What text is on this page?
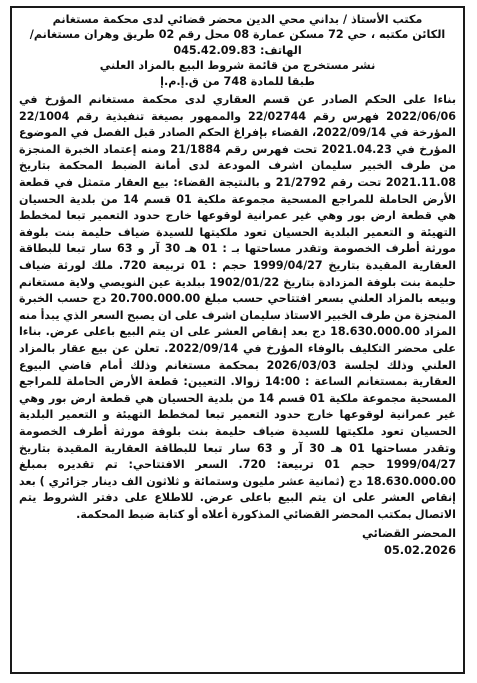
مكتب الأستاذ / بداني محي الدين محضر قضائي لدى محكمة مستغانم
الكائن مكتبه ، حي 72 مسكن عمارة 08 محل رقم 02 طريق وهران مستغانم/
الهاتف: 045.42.09.83
نشر مستخرج من قائمة شروط البيع بالمزاد العلني
طبقا للمادة 748 من ق.إ.م.إ
بناءا على الحكم الصادر عن قسم العقاري لدى محكمة مستغانم المؤرخ في 2022/06/06 فهرس رقم 22/02744 والممهور بصيغة تنفيذية رقم 22/1004 المؤرخة في 2022/09/14، القضاء بإفراغ الحكم الصادر قبل الفصل في الموضوع المؤرخ في 2021.04.23 تحت فهرس رقم 21/1884 ومنه إعتماد الخبرة المنجزة من طرف الخبير سليمان اشرف المودعة لدى أمانة الضبط المحكمة بتاريخ 2021.11.08 تحت رقم 21/2792 و بالنتيجة القضاء: بيع العقار متمثل في قطعة الأرض الحاملة للمراجع المسحية مجموعة ملكية 01 قسم 14 من بلدية الحسيان هي قطعة ارض بور وهي غير عمرانية لوقوعها خارج حدود التعمير تبعا لمخطط التهيئة و التعمير البلدية الحسيان تعود ملكيتها للسيدة ضياف حليمة بنت بلوفة مورثة أطرف الخصومة وتقدر مساحتها بـ : 01 هـ 30 آر و 63 سار تبعا للبطاقة العقارية المقيدة بتاريخ 1999/04/27 حجم : 01 تربيعة 720. ملك لورثة ضياف حليمة بنت بلوفة المزدادة بتاريخ 1902/01/22 ببلدية عين النويصي ولاية مستغانم وبيعه بالمزاد العلني بسعر افتتاحي حسب مبلغ 20.700.000.00 دج حسب الخبرة المنجزة من طرف الخبير الاستاذ سليمان اشرف على ان يصبح السعر الذي يبدأ منه المزاد 18.630.000.00 دج بعد إنقاص العشر على ان يتم البيع باعلى عرض. بناءا على محضر التكليف بالوفاء المؤرخ في 2022/09/14. تعلن عن بيع عقار بالمزاد العلني وذلك لجلسة 2026/03/03 بمحكمة مستغانم وذلك أمام قاضي البيوع العقارية بمستغانم الساعة : 14:00 زوالا. التعيين: قطعة الأرض الحاملة للمراجع المسحية مجموعة ملكية 01 قسم 14 من بلدية الحسيان هي قطعة ارض بور وهي غير عمرانية لوقوعها خارج حدود التعمير تبعا لمخطط التهيئة و التعمير البلدية الحسيان تعود ملكيتها للسيدة ضياف حليمة بنت بلوفة مورثة أطرف الخصومة وتقدر مساحتها 01 هـ 30 آر و 63 سار تبعا للبطاقة العقارية المقيدة بتاريخ 1999/04/27 حجم 01 تربيعة: 720. السعر الافتتاحي: تم تقديره بمبلغ 18.630.000.00 دج (ثمانية عشر مليون وستمائة و ثلاثون الف دينار جزائري ) بعد إنقاص العشر على ان يتم البيع باعلى عرض. للاطلاع على دفتر الشروط يتم الاتصال بمكتب المحضر القضائي المذكورة أعلاه أو كتابة ضبط المحكمة.
المحضر القضائي
05.02.2026
